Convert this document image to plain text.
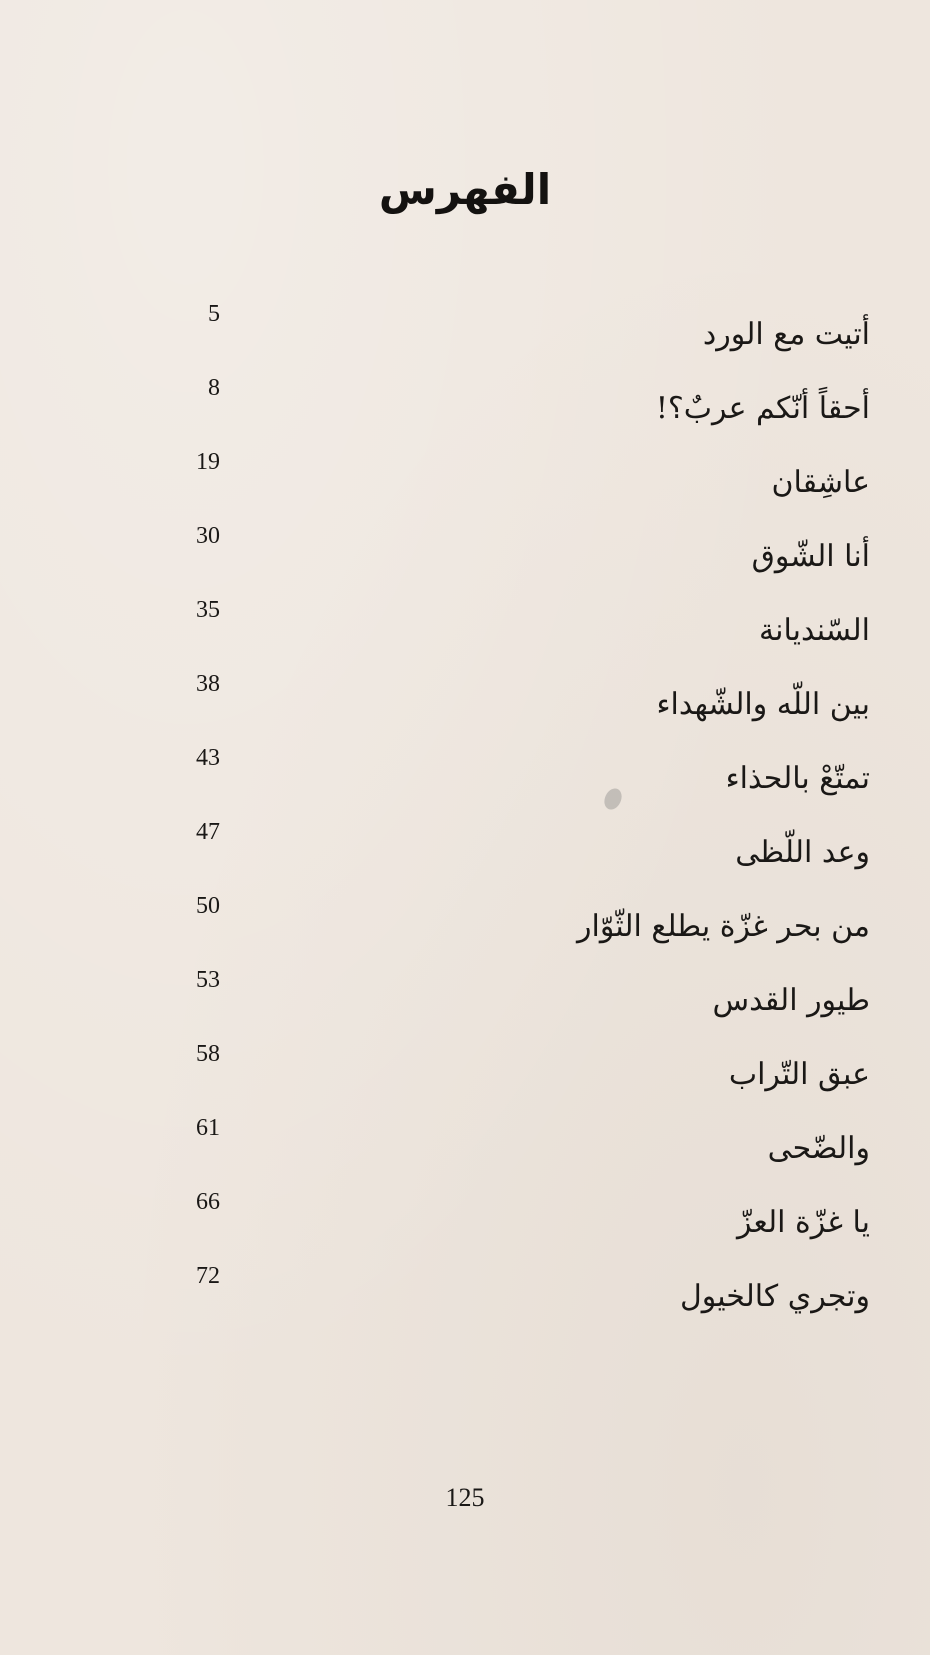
الفهرس
5
أتيت مع الورد
8
أحقاً أنّكم عربٌ؟!
19
عاشِقان
30
أنا الشّوق
35
السّنديانة
38
بين اللّه والشّهداء
43
تمتّعْ بالحذاء
47
وعد اللّظى
50
من بحر غزّة يطلع الثّوّار
53
طيور القدس
58
عبق التّراب
61
والضّحى
66
يا غزّة العزّ
72
وتجري كالخيول
125
